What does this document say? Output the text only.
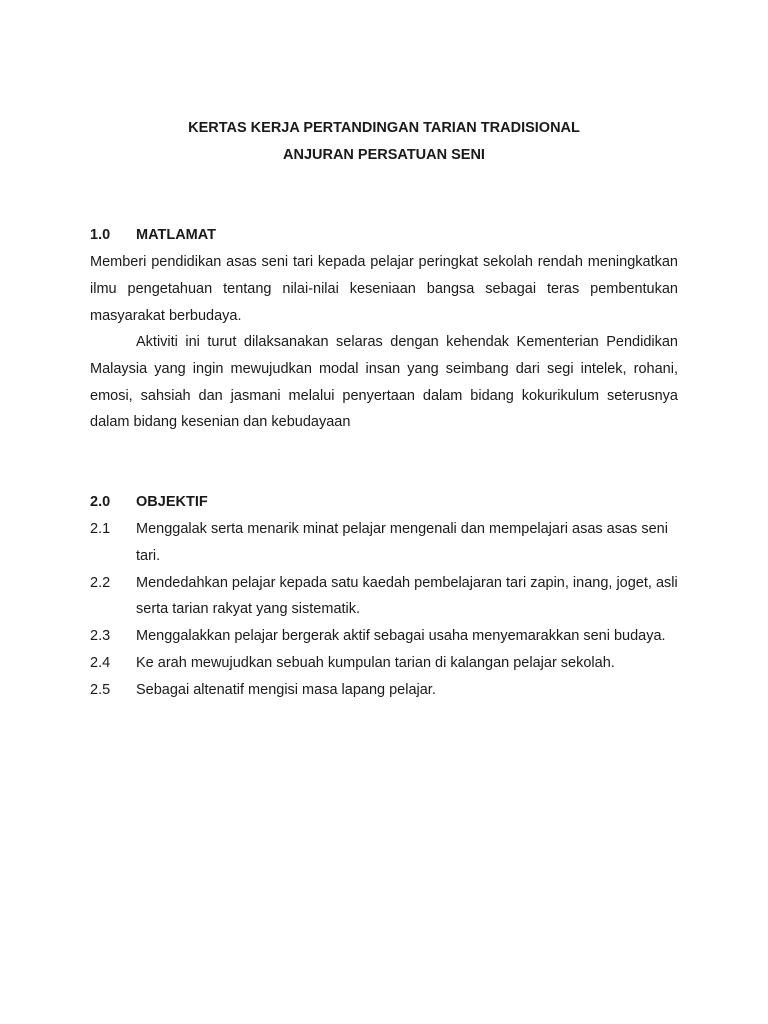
KERTAS KERJA PERTANDINGAN TARIAN TRADISIONAL
ANJURAN PERSATUAN SENI
1.0 MATLAMAT

Memberi pendidikan asas seni tari kepada pelajar peringkat sekolah rendah meningkatkan ilmu pengetahuan tentang nilai-nilai keseniaan bangsa sebagai teras pembentukan masyarakat berbudaya.

Aktiviti ini turut dilaksanakan selaras dengan kehendak Kementerian Pendidikan Malaysia yang ingin mewujudkan modal insan yang seimbang dari segi intelek, rohani, emosi, sahsiah dan jasmani melalui penyertaan dalam bidang kokurikulum seterusnya dalam bidang kesenian dan kebudayaan

2.0 OBJEKTIF
2.1	Menggalak serta menarik minat pelajar mengenali dan mempelajari asas asas seni tari.
2.2	Mendedahkan pelajar kepada satu kaedah pembelajaran tari zapin, inang, joget, asli serta tarian rakyat yang sistematik.
2.3	Menggalakkan pelajar bergerak aktif sebagai usaha menyemarakkan seni budaya.
2.4	Ke arah mewujudkan sebuah kumpulan tarian di kalangan pelajar sekolah.
2.5	Sebagai altenatif mengisi masa lapang pelajar.
